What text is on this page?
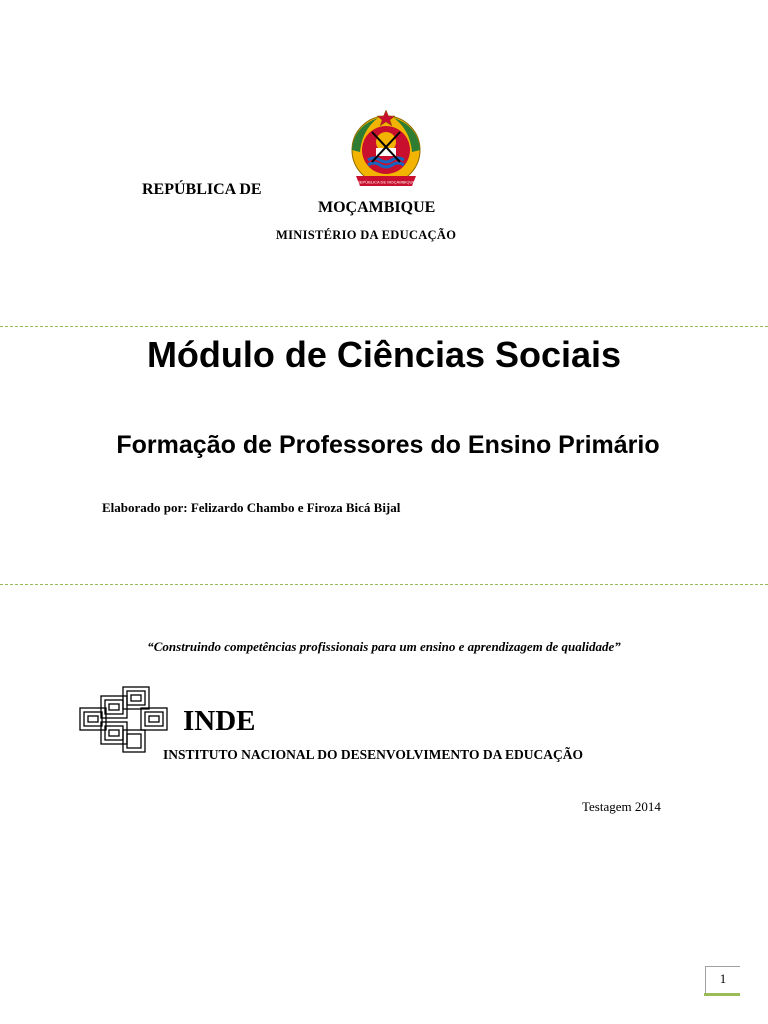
REPÚBLICA DE MOÇAMBIQUE
REPÚBLICA DE
MOÇAMBIQUE
MINISTÉRIO DA EDUCAÇÃO
Módulo de Ciências Sociais
Formação de Professores do Ensino Primário
Elaborado por: Felizardo Chambo e Firoza Bicá Bijal
“Construindo competências profissionais para um ensino e aprendizagem de qualidade”
INDE
INSTITUTO NACIONAL DO DESENVOLVIMENTO DA EDUCAÇÃO
Testagem 2014
1
